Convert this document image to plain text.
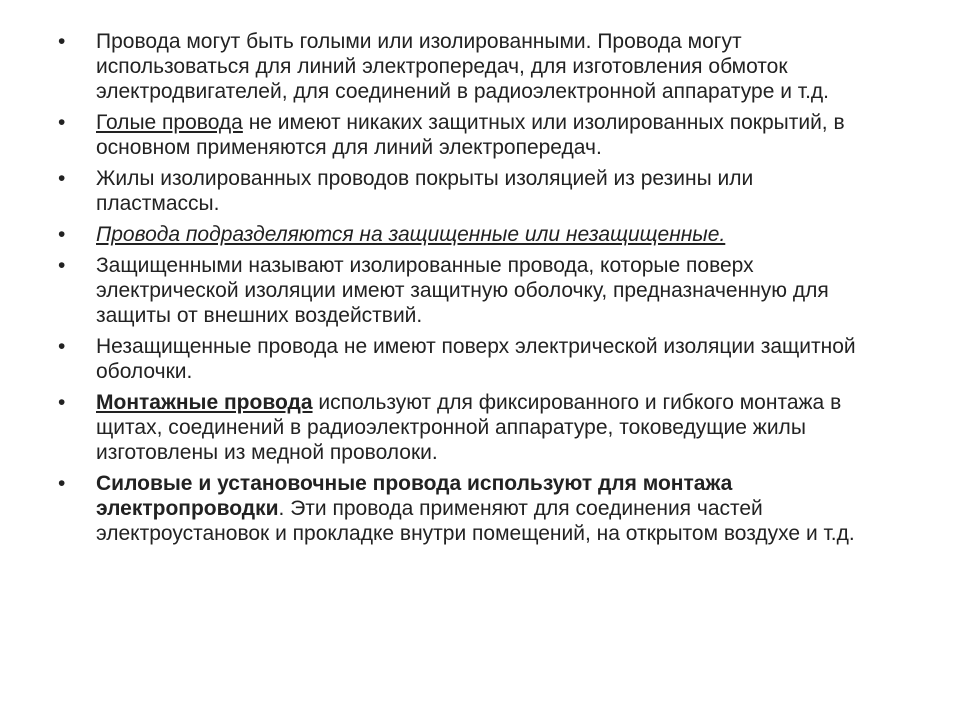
• Провода могут быть голыми или изолированными. Провода могут использоваться для линий электропередач, для изготовления обмоток электродвигателей, для соединений в радиоэлектронной аппаратуре и т.д.
• Голые провода не имеют никаких защитных или изолированных покрытий, в основном применяются для линий электропередач.
• Жилы изолированных проводов покрыты изоляцией из резины или пластмассы.
• Провода подразделяются на защищенные или незащищенные.
• Защищенными называют изолированные провода, которые поверх электрической изоляции имеют защитную оболочку, предназначенную для защиты от внешних воздействий.
• Незащищенные провода не имеют поверх электрической изоляции защитной оболочки.
• Монтажные провода используют для фиксированного и гибкого монтажа в щитах, соединений в радиоэлектронной аппаратуре, токоведущие жилы изготовлены из медной проволоки.
• Силовые и установочные провода используют для монтажа электропроводки. Эти провода применяют для соединения частей электроустановок и прокладке внутри помещений, на открытом воздухе и т.д.
